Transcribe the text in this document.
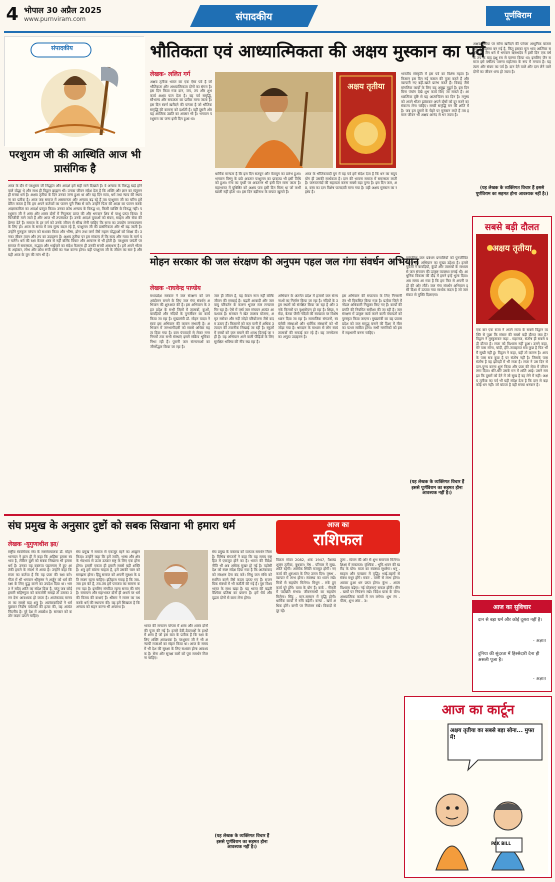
4 भोपाल 30 अप्रैल 2025
www.purnviram.com	संपादकीय	पूर्णविराम
भौतिकता एवं आध्यात्मिकता की अक्षय मुस्कान का पर्व
संपादकीय
परशुराम जी की आस्थिति आज भी प्रासंगिक है
आज के दौर में परशुराम जी सिद्धांत और आदर्श हमें सही मार्ग दिखाते हैं। वे अन्याय के विरुद्ध खड़े होने वाले योद्धा थे और साथ ही विद्वान ब्राह्मण भी। उनका जीवन संदेश देता है कि शक्ति और ज्ञान का संतुलन ही सच्चा धर्म है। अक्षय तृतीया के दिन उनका जन्म हुआ था और यह दिन सत्य, धर्म तथा न्याय की स्थापना का प्रतीक है। आज जब समाज में असमानता और अन्याय बढ़ रहे हैं तब परशुराम जी का चरित्र हमें प्रेरित करता है कि हम अपने कर्तव्यों का पालन पूरी निष्ठा से करें। उन्होंने पिता की आज्ञा का पालन करके आज्ञाकारिता का आदर्श प्रस्तुत किया। उनका क्रोध अन्याय के विरुद्ध था, किसी व्यक्ति के विरुद्ध नहीं। परशुराम जी ने शस्त्र और शास्त्र दोनों में निपुणता प्राप्त की और भगवान शिव से परशु प्राप्त किया। वे चिरंजीवी माने जाते हैं और आज भी तपस्यारत हैं। उनके आदर्श युवाओं को संयम, साहस और सेवा की प्रेरणा देते हैं। समाज के हर वर्ग को उनके जीवन से सीख लेनी चाहिए कि सत्ता का उपयोग जनकल्याण के लिए हो। आज के समय में जब मूल्य बदल रहे हैं, परशुराम जी की प्रासंगिकता और भी बढ़ जाती है। उन्होंने गुरुकुल परंपरा को सशक्त किया और भीष्म, द्रोण तथा कर्ण जैसे महान योद्धाओं को शिक्षा दी। उनका जीवन त्याग और तप का उदाहरण है। अक्षय तृतीया पर हम संकल्प लें कि सत्य और न्याय के मार्ग पर चलेंगे। धर्म की रक्षा केवल शस्त्र से नहीं बल्कि विचार और आचरण से भी होती है। परशुराम जयंती पर समाज में समरसता, सद्भाव और भाईचारे का संदेश फैलाना ही उनकी सच्ची आराधना है। हमें अपने भीतर के अहंकार, लोभ और क्रोध रूपी दोषों का नाश करना होगा। यही परशुराम जी के जीवन का सार है और यही आज के युग की मांग भी है।
लेखक- ललित गर्ग
अक्षय तृतीया भारत का एक ऐसा पर्व है जो भौतिकता और आध्यात्मिकता दोनों का संगम है। इस दिन किया गया दान, जप, तप और शुभ कार्य अक्षय फल देता है। यह पर्व समृद्धि, सौभाग्य और सफलता का प्रतीक माना जाता है। इस दिन स्वर्ण खरीदने की परंपरा है जो भौतिक समृद्धि की कामना को दर्शाती है। वहीं दूसरी ओर यह आत्मिक उन्नति का अवसर भी है। भगवान परशुराम का जन्म इसी दिन हुआ था।
अक्षय तृतीया
धार्मिक मान्यता है कि इस दिन सतयुग और त्रेतायुग का प्रारंभ हुआ। भगवान विष्णु के छठे अवतार परशुराम का प्राकट्य भी इसी तिथि को हुआ। गंगा का पृथ्वी पर अवतरण भी इसी दिन माना जाता है। महाभारत में युधिष्ठिर को अक्षय पात्र इसी दिन मिला था जो कभी खाली नहीं होता था। इस दिन बद्रीनाथ के कपाट खुलते हैं।
आज के भौतिकवादी युग में यह पर्व हमें संदेश देता है कि धन का सदुपयोग ही उसकी सार्थकता है। दान की भावना समाज में समरसता लाती है। जरूरतमंदों की सहायता करना सबसे बड़ा पुण्य है। इस दिन जल, अन्न, वस्त्र का दान विशेष फलदायी माना गया है। यही अक्षय मुस्कान का रहस्य है।
भारतीय संस्कृति में इस पर्व का विशेष महत्व है। किसान इस दिन नई फसल की पूजा करते हैं और व्यापारी नए बही-खाते प्रारंभ करते हैं। विवाह जैसे मांगलिक कार्यों के लिए यह अबूझ मुहूर्त है। इस दिन बिना पंचांग देखे शुभ कार्य किए जा सकते हैं। आध्यात्मिक दृष्टि से यह आत्मचिंतन का दिन है। मनुष्य को अपने भीतर झांककर अपने दोषों को दूर करने का संकल्प लेना चाहिए। सच्ची समृद्धि मन की शांति में है। जब हम दूसरों के चेहरे पर मुस्कान लाते हैं तब हमारा जीवन भी अक्षय आनंद से भर जाता है।
अक्षय तृतीया पर सोना खरीदने की परंपरा आधुनिक बाजारवाद का हिस्सा बन गई है, किंतु इसका मूल भाव आत्मिक समृद्धि है। जैन धर्म में भगवान ऋषभदेव ने इसी दिन एक वर्ष के तप के बाद इक्षु रस से पारणा किया था। इसलिए जैन समाज इसे वर्षीतप पारणा महोत्सव के रूप में मनाता है। यह त्याग और संयम का पर्व है। दान देने वाले और दान लेने वाले दोनों का जीवन धन्य हो जाता है।
(यह लेखक के व्यक्तिगत विचार हैं इससे पूर्णविराम का सहमत होना आवश्यक नहीं है।)
मोहन सरकार की जल संरक्षण की अनुपम पहल जल गंगा संवर्धन अभियान
लेखक -राघवेन्द्र पाण्डेय
मध्यप्रदेश सरकार ने जल संरक्षण को जन आंदोलन बनाने के लिए जल गंगा संवर्धन अभियान की शुरुआत की है। इस अभियान के तहत प्रदेश के सभी जिलों में तालाबों, कुओं, बावड़ियों और नदियों के पुनर्जीवन का कार्य किया जा रहा है। मुख्यमंत्री डॉ. मोहन यादव ने स्वयं इस अभियान की कमान संभाली है। अभियान में जनभागीदारी को सबसे अधिक महत्व दिया गया है। ग्राम पंचायतों से लेकर नगर निगमों तक सभी संस्थाएं इसमें सक्रिय भूमिका निभा रही हैं। पुरानी जल संरचनाओं का जीर्णोद्धार किया जा रहा है।
जल ही जीवन है, यह केवल नारा नहीं बल्कि जीवन की सच्चाई है। बढ़ती आबादी और जलवायु परिवर्तन के कारण भूजल स्तर लगातार गिर रहा है। ऐसे में वर्षा जल संचयन अत्यंत आवश्यक है। सरकार ने खेत तालाब योजना, अमृत सरोवर और नदी जोड़ो परियोजना जैसे कदम उठाए हैं। किसानों को कम पानी में अधिक उत्पादन की तकनीक सिखाई जा रही है। स्कूलों में बच्चों को जल बचाने की शपथ दिलाई जा रही है। यह अभियान आने वाली पीढ़ियों के लिए सुरक्षित भविष्य की नींव रख रहा है।
अभियान के अंतर्गत प्रदेश में हजारों जल संरचनाओं का निर्माण किया जा रहा है। नदियों के उद्गम स्थलों को संरक्षित किया जा रहा है और उनके किनारों पर वृक्षारोपण हो रहा है। क्षिप्रा, नर्मदा, बेतवा जैसी नदियों की स्वच्छता पर विशेष ध्यान दिया जा रहा है। सामाजिक संगठनों, स्वयंसेवी संस्थाओं और धार्मिक संस्थानों को भी जोड़ा गया है। श्रमदान के माध्यम से लोग स्वयं तालाबों की सफाई कर रहे हैं। यह जनचेतना का अनूठा उदाहरण है।
इस अभियान की सफलता के लिए निगरानी तंत्र भी विकसित किया गया है। प्रत्येक जिले में नोडल अधिकारी नियुक्त किए गए हैं। कार्यों की प्रगति की नियमित समीक्षा की जा रही है। जल संरक्षण में उत्कृष्ट कार्य करने वाली पंचायतों को पुरस्कृत किया जाएगा। मुख्यमंत्री का यह प्रयास प्रदेश को जल समृद्ध बनाने की दिशा में मील का पत्थर साबित होगा। सभी नागरिकों को इसमें सहभागी बनना चाहिए।
पारंपरिक जल प्रबंधन प्रणालियों को पुनर्जीवित करना इस अभियान का मुख्य उद्देश्य है। हमारे पूर्वजों ने बावड़ियों, कुंडों और तालाबों के माध्यम से जल संचयन की उत्कृष्ट व्यवस्था बनाई थी। आधुनिक विकास की दौड़ में हमने इन्हें भुला दिया। अब समय आ गया है कि हम फिर से अपनी जड़ों की ओर लौटें। जल गंगा संवर्धन अभियान इसी दिशा में उठाया गया सार्थक कदम है जो जल संकट से मुक्ति दिलाएगा।
(यह लेखक के व्यक्तिगत विचार हैं इससे पूर्णविराम का सहमत होना आवश्यक नहीं है।)
सबसे बड़ी दौलत
अक्षय तृतीया
एक बार एक राजा ने अपने राज्य के सबसे विद्वान व्यक्ति से पूछा कि संसार की सबसे बड़ी दौलत क्या है? विद्वान ने मुस्कुराकर कहा - महाराज, संतोष ही सबसे बड़ी दौलत है। राजा को विश्वास नहीं हुआ। उसने कहा, मेरे पास सोना, चांदी, हीरे-जवाहरात सब कुछ है फिर भी मैं सुखी नहीं हूं। विद्वान ने कहा, यही तो कारण है। आपके पास सब कुछ है पर संतोष नहीं है। जिसके पास संतोष है वह झोपड़ी में भी राजा है। राजा ने उस दिन से दान-पुण्य करना शुरू किया और प्रजा की सेवा में जीवन लगा दिया। धीरे-धीरे उसके मन में शांति आई। उसने समझा कि दूसरों को देने में जो सुख है वह लेने में नहीं। अक्षय तृतीया का पर्व भी यही संदेश देता है कि दान से बड़ा कोई धन नहीं। जो बांटता है वही सच्चा धनवान है।
आज का सुविचार
दान से बड़ा धर्म और कोई दूसरा नहीं है।
- अज्ञात
दुनिया की सुंदरता में हिस्सेदारी देना ही असली पूजा है।
- अज्ञात
संघ प्रमुख के अनुसार दुष्टों को सबक सिखाना भी हमारा धर्म
लेखक -युगुणाधीश झा/
राष्ट्रीय स्वयंसेवक संघ के सरसंघचालक डॉ. मोहन भागवत ने हाल ही में कहा कि अहिंसा हमारा स्वभाव है, लेकिन दुष्टों को सबक सिखाना भी हमारा धर्म है। उनका यह वक्तव्य पहलगाम में हुए आतंकी हमले के संदर्भ में आया है। उन्होंने कहा कि राजा का कर्तव्य है कि वह प्रजा की रक्षा करे। गीता में भी भगवान श्रीकृष्ण ने अर्जुन को धर्म की रक्षा के लिए युद्ध करने का उपदेश दिया था। भारत ने सदैव शांति का संदेश दिया है, परंतु जब कोई हमारी सहिष्णुता को कमजोरी समझे तो उसका उत्तर देना आवश्यक हो जाता है। आतंकवाद मानवता का सबसे बड़ा शत्रु है। आतंकवादियों ने धर्म पूछकर निर्दोष पर्यटकों की हत्या की, यह अत्यंत निंदनीय है। पूरे देश में आक्रोश है। सरकार को कठोर कदम उठाने चाहिए।
संघ प्रमुख ने समाज से एकजुट रहने का आह्वान किया। उन्होंने कहा कि हमें जाति, भाषा और क्षेत्र के भेदभाव से ऊपर उठकर राष्ट्र के लिए एक होना होगा। हमारी एकता ही हमारी सबसे बड़ी शक्ति है। शत्रु हमें बांटना चाहता है, हमें उसकी चाल को समझना होगा। हिंदू समाज को अपनी सुरक्षा के प्रति सजग रहना चाहिए। इतिहास गवाह है कि जब-जब हम बंटे हैं, तब-तब हमें पराजय का सामना करना पड़ा है। इसलिए संगठित रहना समय की मांग है। रामायण और महाभारत दोनों ही अधर्म पर धर्म की विजय की कथाएं हैं। श्रीराम ने रावण का वध करके धर्म की स्थापना की। यह हमें सिखाता है कि अन्याय को सहन करना भी अपराध है।
भारत की सनातन परंपरा में शस्त्र और शास्त्र दोनों की पूजा की गई है। हमारे देवी-देवताओं के हाथों में शस्त्र हैं जो इस बात के प्रतीक हैं कि रक्षा के लिए शक्ति आवश्यक है। परशुराम जी ने भी अन्यायी राजाओं का संहार किया था। आज के समय में भी देश की सुरक्षा के लिए सशक्त होना आवश्यक है। सेना और सुरक्षा बलों को पूरा समर्थन मिलना चाहिए।
संघ प्रमुख के वक्तव्य को व्यापक समर्थन मिला है। विभिन्न संगठनों ने कहा कि यह समय राष्ट्रहित में एकजुट होने का है। भारत की विदेश नीति भी अब अधिक मुखर हो गई है। पड़ोसी देश को स्पष्ट संदेश दिया गया है कि आतंकवाद को संरक्षण देना बंद करे। सिंधु जल संधि को स्थगित करने जैसे कदम उठाए गए हैं। राजनयिक संबंधों में भी कटौती की गई है। पूरा विश्व भारत के साथ खड़ा है। यह भारत की बढ़ती वैश्विक प्रतिष्ठा का प्रमाण है। हमें धैर्य और दृढ़ता दोनों से काम लेना होगा।
(यह लेखक के व्यक्तिगत विचार हैं इससे पूर्णविराम का सहमत होना आवश्यक नहीं है।)
आज का
राशिफल
विक्रम संवत 2082, शक 1947, वैशाख शुक्ल तृतीया, बुधवार। मेष - परिवार में सुख-शांति रहेगी। आर्थिक स्थिति मजबूत होगी। नए कार्य की शुरुआत के लिए उत्तम दिन। वृषभ - व्यापार में लाभ होगा। स्वास्थ्य का ध्यान रखें। मित्रों से सहयोग मिलेगा। मिथुन - रुके हुए कार्य पूरे होंगे। यात्रा के योग हैं। कर्क - नौकरी में पदोन्नति संभव। जीवनसाथी का सहयोग मिलेगा। सिंह - मान-सम्मान में वृद्धि होगी। धार्मिक कार्यों में रुचि बढ़ेगी। कन्या - खर्च अधिक होंगे। वाणी पर नियंत्रण रखें। विवादों से दूर रहें।
तुला - संतान की ओर से शुभ समाचार मिलेगा। शिक्षा में सफलता। वृश्चिक - भूमि-भवन की खरीद के योग। माता का स्वास्थ्य सुधरेगा। धनु - साहस और पराक्रम में वृद्धि। भाई-बहनों से संबंध मधुर होंगे। मकर - वाणी से लाभ होगा। अटका हुआ धन प्राप्त होगा। कुंभ - आत्मविश्वास बढ़ेगा। नई योजनाएं सफल होंगी। मीन - खर्चों पर नियंत्रण रखें। विदेश यात्रा के योग। आध्यात्मिक कार्यों में मन लगेगा। शुभ रंग - पीला, शुभ अंक - 3।
आज का कार्टून
अक्षय तृतीया का सबसे बड़ा सोना... मुफ्त में!
PAK BILL
